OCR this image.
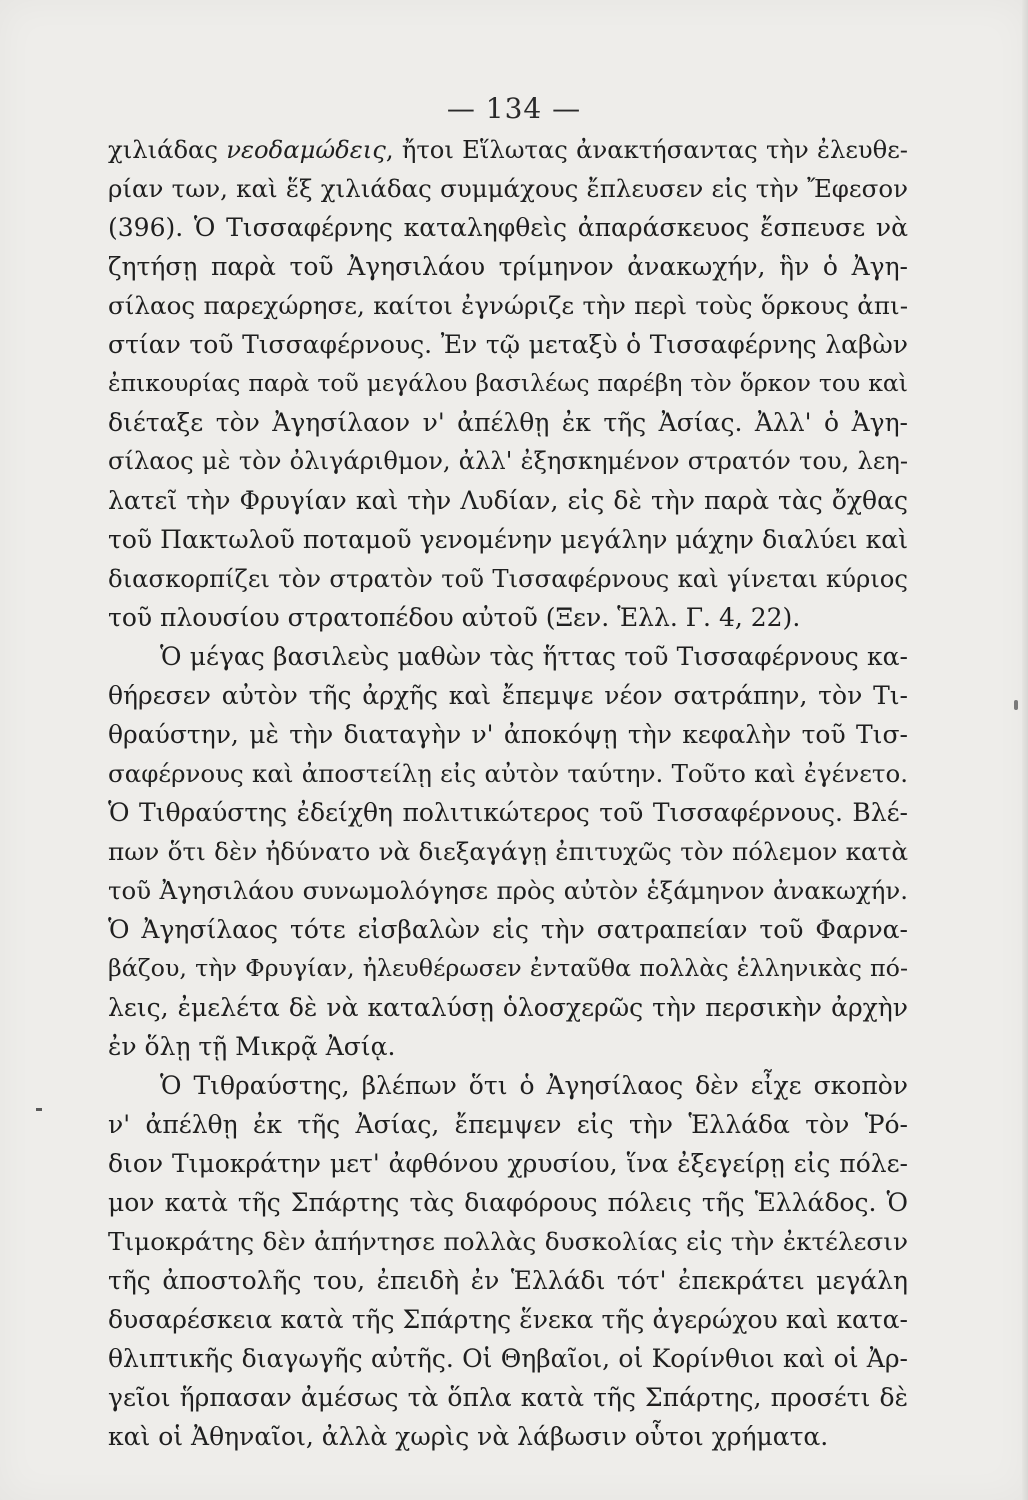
— 134 —
χιλιάδας νεοδαμώδεις, ἤτοι Εἵλωτας ἀνακτήσαντας τὴν ἐλευθε-
ρίαν των, καὶ ἕξ χιλιάδας συμμάχους ἔπλευσεν εἰς τὴν Ἔφεσον
(396). Ὁ Τισσαφέρνης καταληφθεὶς ἀπαράσκευος ἔσπευσε νὰ
ζητήσῃ παρὰ τοῦ Ἀγησιλάου τρίμηνον ἀνακωχήν, ἣν ὁ Ἀγη-
σίλαος παρεχώρησε, καίτοι ἐγνώριζε τὴν περὶ τοὺς ὅρκους ἀπι-
στίαν τοῦ Τισσαφέρνους. Ἐν τῷ μεταξὺ ὁ Τισσαφέρνης λαβὼν
ἐπικουρίας παρὰ τοῦ μεγάλου βασιλέως παρέβη τὸν ὅρκον του καὶ
διέταξε τὸν Ἀγησίλαον ν' ἀπέλθῃ ἐκ τῆς Ἀσίας. Ἀλλ' ὁ Ἀγη-
σίλαος μὲ τὸν ὀλιγάριθμον, ἀλλ' ἐξησκημένον στρατόν του, λεη-
λατεῖ τὴν Φρυγίαν καὶ τὴν Λυδίαν, εἰς δὲ τὴν παρὰ τὰς ὄχθας
τοῦ Πακτωλοῦ ποταμοῦ γενομένην μεγάλην μάχην διαλύει καὶ
διασκορπίζει τὸν στρατὸν τοῦ Τισσαφέρνους καὶ γίνεται κύριος
τοῦ πλουσίου στρατοπέδου αὐτοῦ (Ξεν. Ἑλλ. Γ. 4, 22).
Ὁ μέγας βασιλεὺς μαθὼν τὰς ἥττας τοῦ Τισσαφέρνους κα-
θήρεσεν αὐτὸν τῆς ἀρχῆς καὶ ἔπεμψε νέον σατράπην, τὸν Τι-
θραύστην, μὲ τὴν διαταγὴν ν' ἀποκόψῃ τὴν κεφαλὴν τοῦ Τισ-
σαφέρνους καὶ ἀποστείλῃ εἰς αὐτὸν ταύτην. Τοῦτο καὶ ἐγένετο.
Ὁ Τιθραύστης ἐδείχθη πολιτικώτερος τοῦ Τισσαφέρνους. Βλέ-
πων ὅτι δὲν ἠδύνατο νὰ διεξαγάγῃ ἐπιτυχῶς τὸν πόλεμον κατὰ
τοῦ Ἀγησιλάου συνωμολόγησε πρὸς αὐτὸν ἑξάμηνον ἀνακωχήν.
Ὁ Ἀγησίλαος τότε εἰσβαλὼν εἰς τὴν σατραπείαν τοῦ Φαρνα-
βάζου, τὴν Φρυγίαν, ἠλευθέρωσεν ἐνταῦθα πολλὰς ἑλληνικὰς πό-
λεις, ἐμελέτα δὲ νὰ καταλύσῃ ὁλοσχερῶς τὴν περσικὴν ἀρχὴν
ἐν ὅλῃ τῇ Μικρᾷ Ἀσίᾳ.
Ὁ Τιθραύστης, βλέπων ὅτι ὁ Ἀγησίλαος δὲν εἶχε σκοπὸν
ν' ἀπέλθῃ ἐκ τῆς Ἀσίας, ἔπεμψεν εἰς τὴν Ἑλλάδα τὸν Ῥό-
διον Τιμοκράτην μετ' ἀφθόνου χρυσίου, ἵνα ἐξεγείρῃ εἰς πόλε-
μον κατὰ τῆς Σπάρτης τὰς διαφόρους πόλεις τῆς Ἑλλάδος. Ὁ
Τιμοκράτης δὲν ἀπήντησε πολλὰς δυσκολίας εἰς τὴν ἐκτέλεσιν
τῆς ἀποστολῆς του, ἐπειδὴ ἐν Ἑλλάδι τότ' ἐπεκράτει μεγάλη
δυσαρέσκεια κατὰ τῆς Σπάρτης ἕνεκα τῆς ἀγερώχου καὶ κατα-
θλιπτικῆς διαγωγῆς αὐτῆς. Οἱ Θηβαῖοι, οἱ Κορίνθιοι καὶ οἱ Ἀρ-
γεῖοι ἥρπασαν ἀμέσως τὰ ὅπλα κατὰ τῆς Σπάρτης, προσέτι δὲ
καὶ οἱ Ἀθηναῖοι, ἀλλὰ χωρὶς νὰ λάβωσιν οὗτοι χρήματα.
